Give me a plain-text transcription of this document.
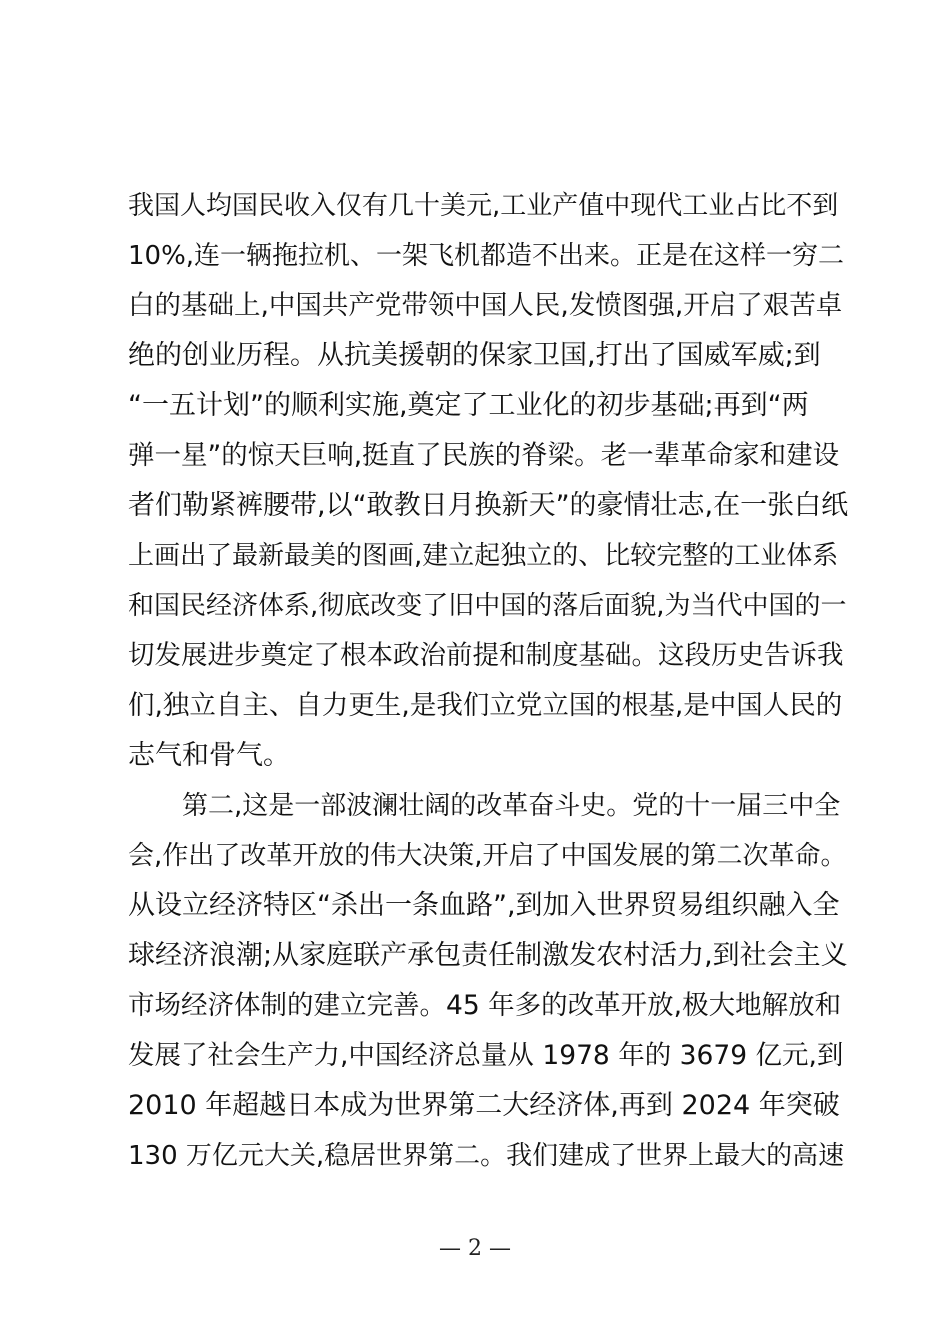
我国人均国民收入仅有几十美元,工业产值中现代工业占比不到
10%,连一辆拖拉机、一架飞机都造不出来。正是在这样一穷二
白的基础上,中国共产党带领中国人民,发愤图强,开启了艰苦卓
绝的创业历程。从抗美援朝的保家卫国,打出了国威军威;到
“一五计划”的顺利实施,奠定了工业化的初步基础;再到“两
弹一星”的惊天巨响,挺直了民族的脊梁。老一辈革命家和建设
者们勒紧裤腰带,以“敢教日月换新天”的豪情壮志,在一张白纸
上画出了最新最美的图画,建立起独立的、比较完整的工业体系
和国民经济体系,彻底改变了旧中国的落后面貌,为当代中国的一
切发展进步奠定了根本政治前提和制度基础。这段历史告诉我
们,独立自主、自力更生,是我们立党立国的根基,是中国人民的
志气和骨气。
第二,这是一部波澜壮阔的改革奋斗史。党的十一届三中全
会,作出了改革开放的伟大决策,开启了中国发展的第二次革命。
从设立经济特区“杀出一条血路”,到加入世界贸易组织融入全
球经济浪潮;从家庭联产承包责任制激发农村活力,到社会主义
市场经济体制的建立完善。45 年多的改革开放,极大地解放和
发展了社会生产力,中国经济总量从 1978 年的 3679 亿元,到
2010 年超越日本成为世界第二大经济体,再到 2024 年突破
130 万亿元大关,稳居世界第二。我们建成了世界上最大的高速
— 2 —
